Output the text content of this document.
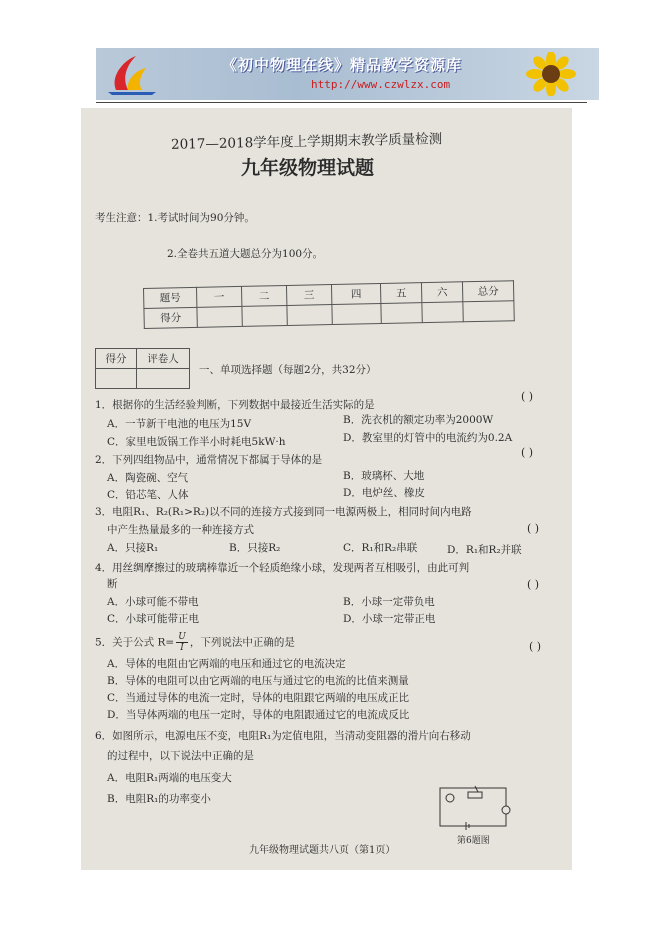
《初中物理在线》精品教学资源库
http://www.czwlzx.com
2017—2018学年度上学期期末教学质量检测
九年级物理试题
考生注意：1.考试时间为90分钟。
2.全卷共五道大题总分为100分。
题号	一	二	三	四	五	六	总分
得分							
得分	评卷人

一、单项选择题（每题2分，共32分）
( )
1．根据你的生活经验判断，下列数据中最接近生活实际的是
A．一节新干电池的电压为15V	B．洗衣机的额定功率为2000W
C．家里电饭锅工作半小时耗电5kW·h	D．教室里的灯管中的电流约为0.2A
( )
2．下列四组物品中，通常情况下都属于导体的是
A．陶瓷碗、空气	B．玻璃杯、大地
C．铅芯笔、人体	D．电炉丝、橡皮
3．电阻R₁、R₂(R₁>R₂)以不同的连接方式接到同一电源两极上，相同时间内电路
中产生热量最多的一种连接方式	( )
A．只接R₁	B．只接R₂	C．R₁和R₂串联	D．R₁和R₂并联
4．用丝绸摩擦过的玻璃棒靠近一个轻质绝缘小球，发现两者互相吸引，由此可判
断	( )
A．小球可能不带电	B．小球一定带负电
C．小球可能带正电	D．小球一定带正电
5．关于公式 $R= \frac{U}{I}$ ，下列说法中正确的是	( )
A．导体的电阻由它两端的电压和通过它的电流决定
B．导体的电阻可以由它两端的电压与通过它的电流的比值来测量
C．当通过导体的电流一定时，导体的电阻跟它两端的电压成正比
D．当导体两端的电压一定时，导体的电阻跟通过它的电流成反比
6．如图所示，电源电压不变，电阻R₁为定值电阻，当清动变阻器的滑片向右移动
的过程中，以下说法中正确的是
A．电阻R₁两端的电压变大
B．电阻R₁的功率变小
第6题图
九年级物理试题共八页（第1页）
